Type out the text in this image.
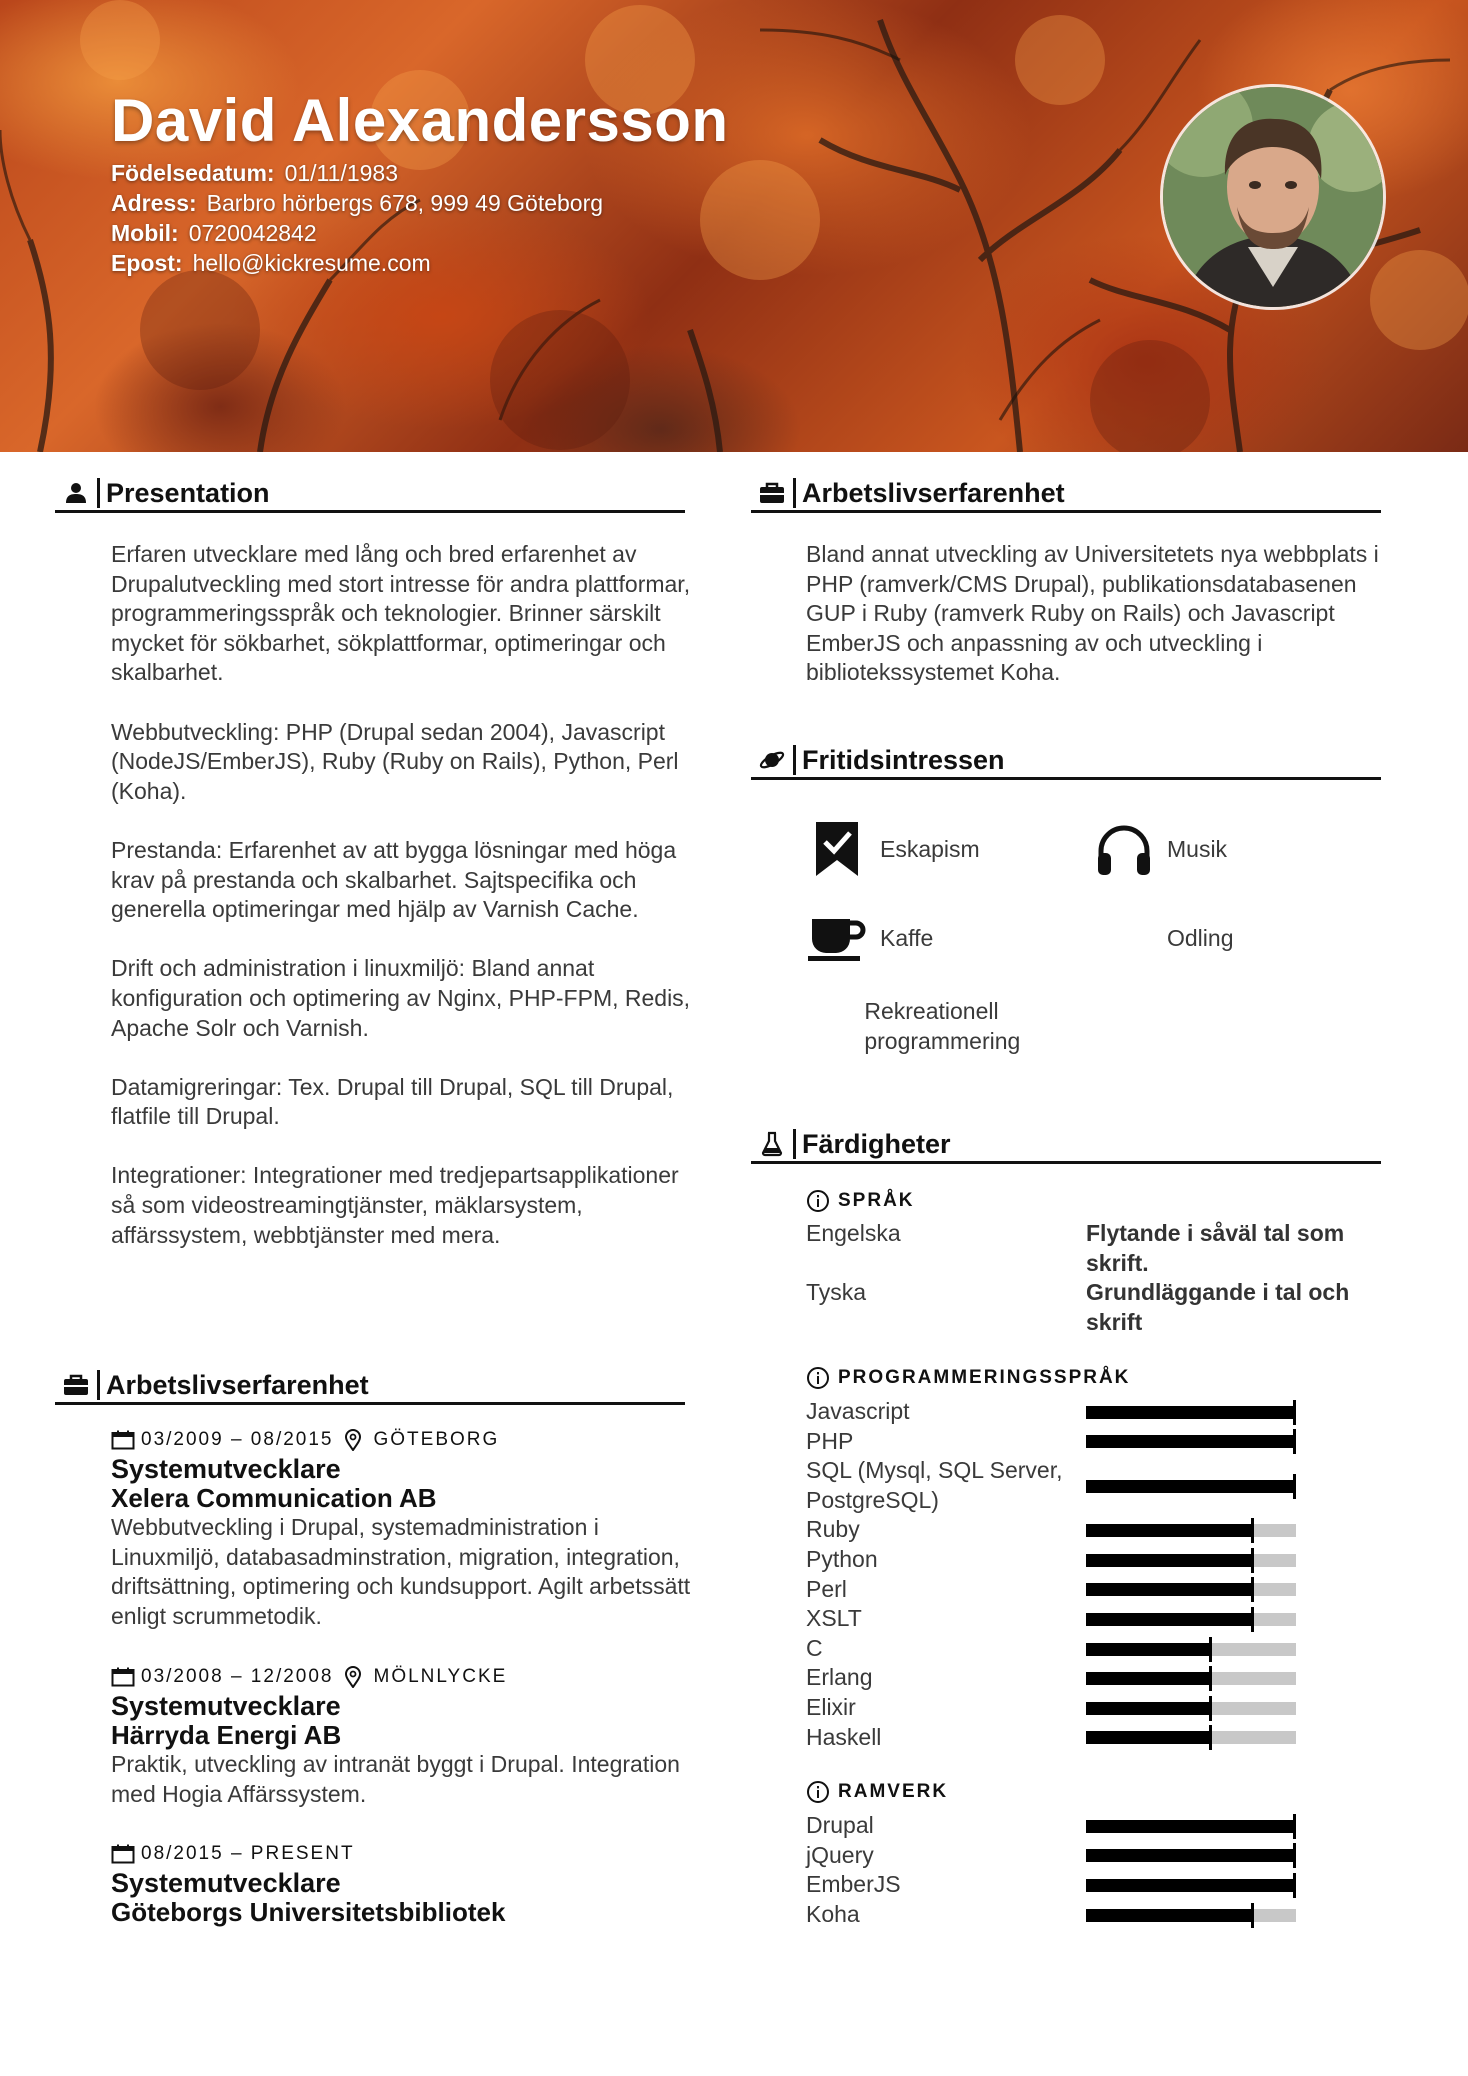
David Alexandersson
Födelsedatum: 01/11/1983
Adress: Barbro hörbergs 678, 999 49 Göteborg
Mobil: 0720042842
Epost: hello@kickresume.com
Presentation

Erfaren utvecklare med lång och bred erfarenhet av Drupalutveckling med stort intresse för andra plattformar, programmeringsspråk och teknologier. Brinner särskilt mycket för sökbarhet, sökplattformar, optimeringar och skalbarhet.

Webbutveckling: PHP (Drupal sedan 2004), Javascript (NodeJS/EmberJS), Ruby (Ruby on Rails), Python, Perl (Koha).

Prestanda: Erfarenhet av att bygga lösningar med höga krav på prestanda och skalbarhet. Sajtspecifika och generella optimeringar med hjälp av Varnish Cache.

Drift och administration i linuxmiljö: Bland annat konfiguration och optimering av Nginx, PHP-FPM, Redis, Apache Solr och Varnish.

Datamigreringar: Tex. Drupal till Drupal, SQL till Drupal, flatfile till Drupal.

Integrationer: Integrationer med tredjepartsapplikationer så som videostreamingtjänster, mäklarsystem, affärssystem, webbtjänster med mera.

Arbetslivserfarenhet
03/2009 – 08/2015 GÖTEBORG
Systemutvecklare
Xelera Communication AB
Webbutveckling i Drupal, systemadministration i Linuxmiljö, databasadminstration, migration, integration, driftsättning, optimering och kundsupport. Agilt arbetssätt enligt scrummetodik.
03/2008 – 12/2008 MÖLNLYCKE
Systemutvecklare
Härryda Energi AB
Praktik, utveckling av intranät byggt i Drupal. Integration med Hogia Affärssystem.
08/2015 – PRESENT
Systemutvecklare
Göteborgs Universitetsbibliotek
Arbetslivserfarenhet
Bland annat utveckling av Universitetets nya webbplats i PHP (ramverk/CMS Drupal), publikationsdatabasenen GUP i Ruby (ramverk Ruby on Rails) och Javascript EmberJS och anpassning av och utveckling i bibliotekssystemet Koha.
Fritidsintressen
Eskapism	Musik
Kaffe	Odling
Rekreationell programmering
Färdigheter
SPRÅK
Engelska	Flytande i såväl tal som skrift.
Tyska	Grundläggande i tal och skrift
PROGRAMMERINGSSPRÅK
Javascript
PHP
SQL (Mysql, SQL Server, PostgreSQL)
Ruby
Python
Perl
XSLT
C
Erlang
Elixir
Haskell
RAMVERK
Drupal
jQuery
EmberJS
Koha
